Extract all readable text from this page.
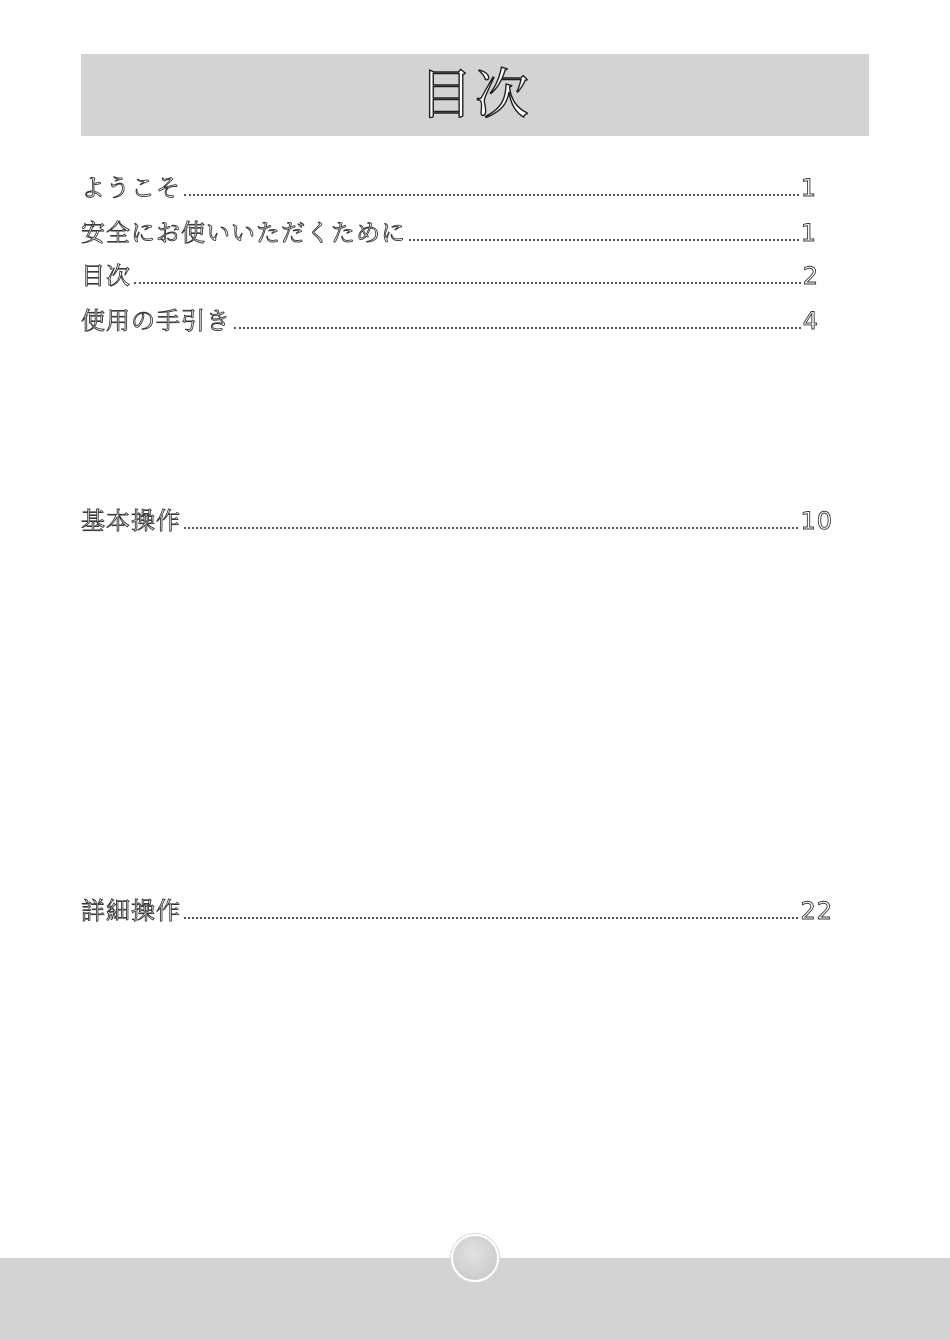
目次
ようこそ	1
安全にお使いいただくために	1
目次	2
使用の手引き	4
基本操作	10
詳細操作	22
